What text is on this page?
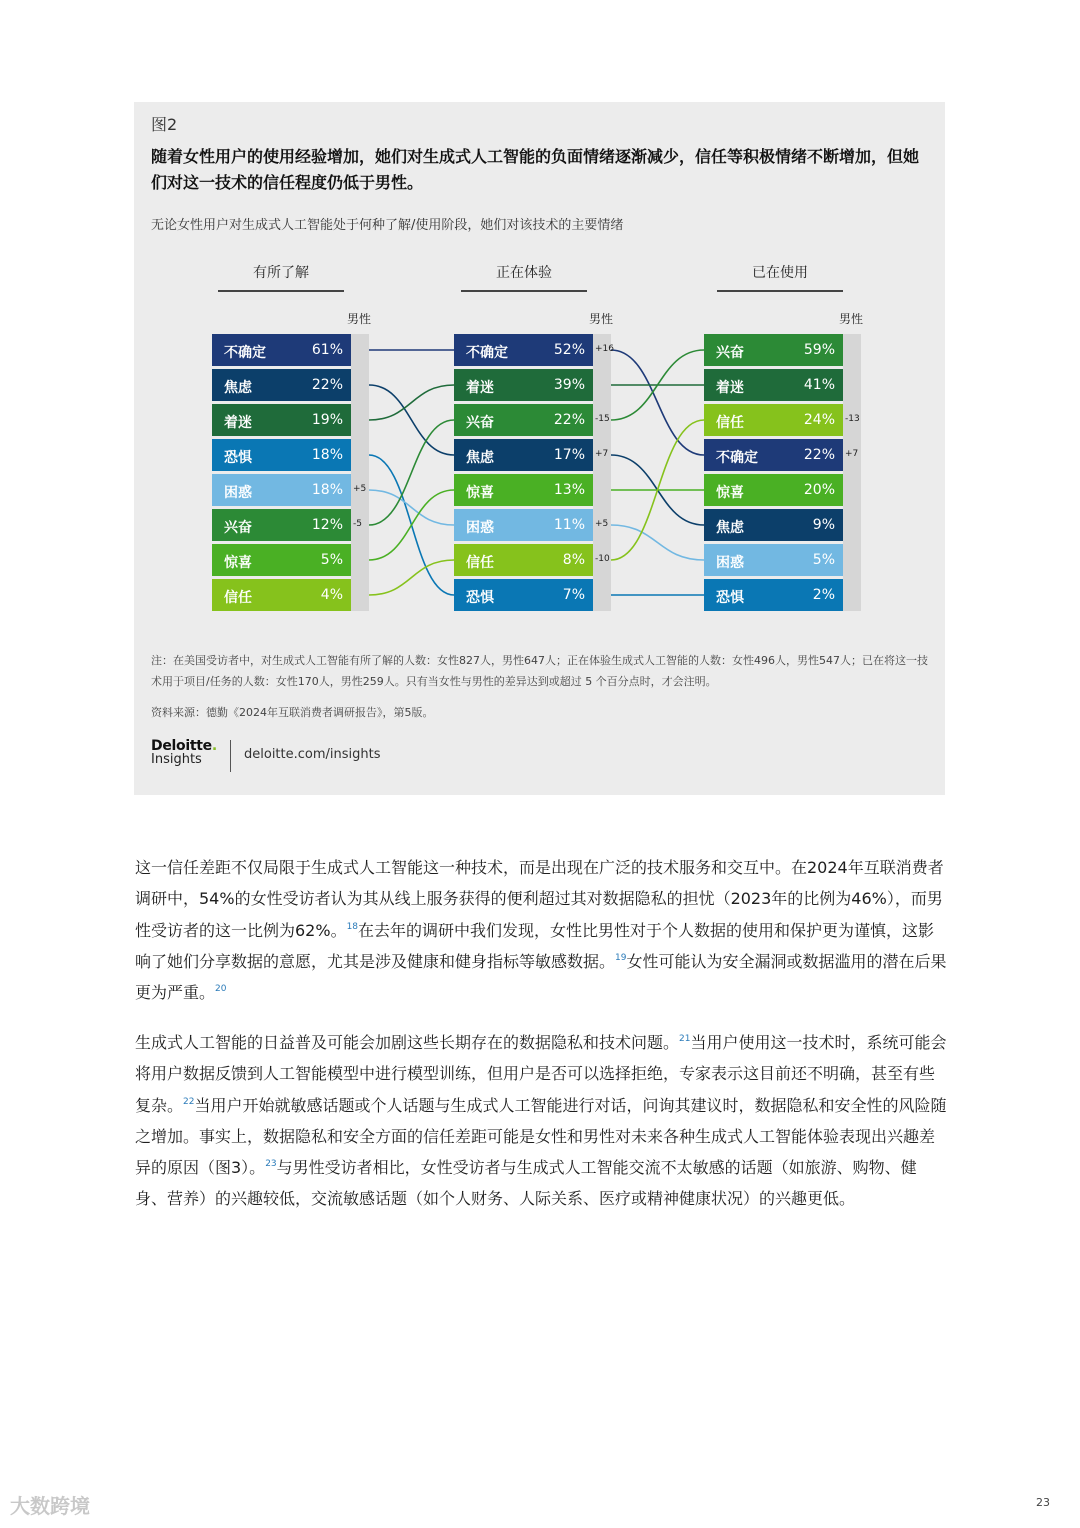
图2
随着女性用户的使用经验增加，她们对生成式人工智能的负面情绪逐渐减少，信任等积极情绪不断增加，但她们对这一技术的信任程度仍低于男性。
无论女性用户对生成式人工智能处于何种了解/使用阶段，她们对该技术的主要情绪
有所了解
男性
不确定	61%
焦虑	22%
着迷	19%
恐惧	18%
困惑	18% +5
兴奋	12% -5
惊喜	5%
信任	4%
正在体验
男性
不确定	52% +16
着迷	39%
兴奋	22% -15
焦虑	17% +7
惊喜	13%
困惑	11% +5
信任	8% -10
恐惧	7%
已在使用
男性
兴奋	59%
着迷	41%
信任	24% -13
不确定	22% +7
惊喜	20%
焦虑	9%
困惑	5%
恐惧	2%
注：在美国受访者中，对生成式人工智能有所了解的人数：女性827人，男性647人；正在体验生成式人工智能的人数：女性496人，男性547人；已在将这一技术用于项目/任务的人数：女性170人，男性259人。只有当女性与男性的差异达到或超过 5 个百分点时，才会注明。
资料来源：德勤《2024年互联消费者调研报告》，第5版。
Deloitte.
Insights	deloitte.com/insights
这一信任差距不仅局限于生成式人工智能这一种技术，而是出现在广泛的技术服务和交互中。在2024年互联消费者调研中，54%的女性受访者认为其从线上服务获得的便利超过其对数据隐私的担忧（2023年的比例为46%），而男性受访者的这一比例为62%。$^{18}$在去年的调研中我们发现，女性比男性对于个人数据的使用和保护更为谨慎，这影响了她们分享数据的意愿，尤其是涉及健康和健身指标等敏感数据。$^{19}$女性可能认为安全漏洞或数据滥用的潜在后果更为严重。$^{20}$
生成式人工智能的日益普及可能会加剧这些长期存在的数据隐私和技术问题。$^{21}$当用户使用这一技术时，系统可能会将用户数据反馈到人工智能模型中进行模型训练，但用户是否可以选择拒绝，专家表示这目前还不明确，甚至有些复杂。$^{22}$当用户开始就敏感话题或个人话题与生成式人工智能进行对话，问询其建议时，数据隐私和安全性的风险随之增加。事实上，数据隐私和安全方面的信任差距可能是女性和男性对未来各种生成式人工智能体验表现出兴趣差异的原因（图3）。$^{23}$与男性受访者相比，女性受访者与生成式人工智能交流不太敏感的话题（如旅游、购物、健身、营养）的兴趣较低，交流敏感话题（如个人财务、人际关系、医疗或精神健康状况）的兴趣更低。
大数跨境	23
